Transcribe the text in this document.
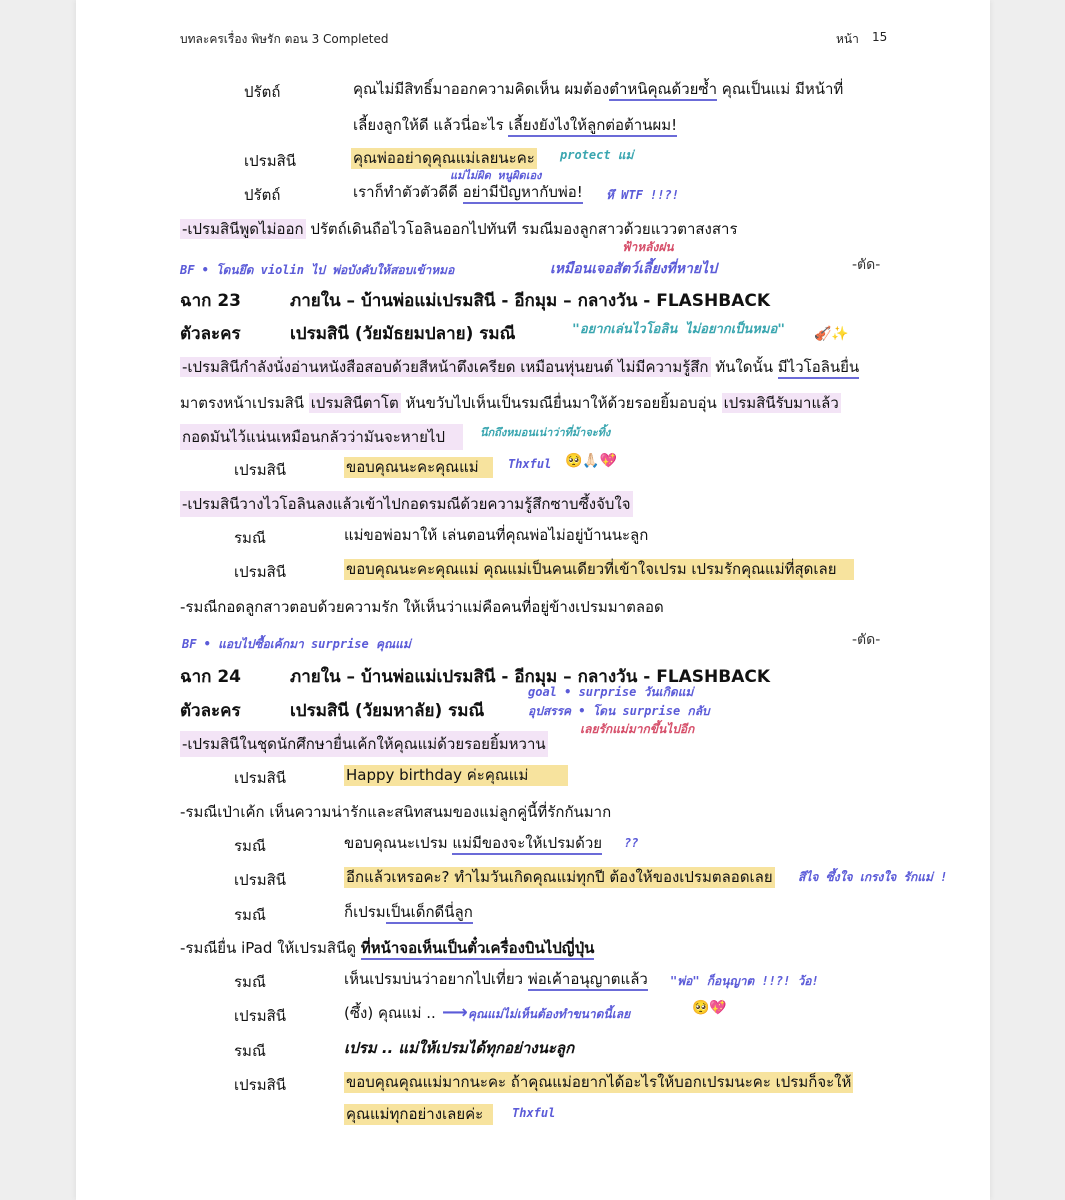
บทละครเรื่อง พิษรัก ตอน 3 Completed	หน้า 15
ปรัตถ์	คุณไม่มีสิทธิ์มาออกความคิดเห็น ผมต้องตำหนิคุณด้วยซ้ำ คุณเป็นแม่ มีหน้าที่
เลี้ยงลูกให้ดี แล้วนี่อะไร เลี้ยงยังไงให้ลูกต่อต้านผม!
เปรมสินี	คุณพ่ออย่าดุคุณแม่เลยนะคะ protect แม่
แม่ไม่ผิด หนูผิดเอง
ปรัตถ์	เราก็ทำตัวตัวดีดี อย่ามีปัญหากับพ่อ! หึ WTF !!?!
-เปรมสินีพูดไม่ออก ปรัตถ์เดินถือไวโอลินออกไปทันที รมณีมองลูกสาวด้วยแววตาสงสาร
ฟ้าหลังฝน
BF • โดนยึด violin ไป พ่อบังคับให้สอบเข้าหมอ	เหมือนเจอสัตว์เลี้ยงที่หายไป	-ตัด-
ฉาก 23	ภายใน – บ้านพ่อแม่เปรมสินี - อีกมุม – กลางวัน - FLASHBACK
ตัวละคร	เปรมสินี (วัยมัธยมปลาย) รมณี	"อยากเล่นไวโอลิน ไม่อยากเป็นหมอ" 🎻✨
-เปรมสินีกำลังนั่งอ่านหนังสือสอบด้วยสีหน้าตึงเครียด เหมือนหุ่นยนต์ ไม่มีความรู้สึก ทันใดนั้น มีไวโอลินยื่น
มาตรงหน้าเปรมสินี เปรมสินีตาโต หันขวับไปเห็นเป็นรมณียื่นมาให้ด้วยรอยยิ้มอบอุ่น เปรมสินีรับมาแล้ว
กอดมันไว้แน่นเหมือนกลัวว่ามันจะหายไป	นึกถึงหมอนเน่าว่าที่ม้าจะทิ้ง
เปรมสินี	ขอบคุณนะคะคุณแม่	Thxful 🥺🙏🏻💖
-เปรมสินีวางไวโอลินลงแล้วเข้าไปกอดรมณีด้วยความรู้สึกซาบซึ้งจับใจ
รมณี	แม่ขอพ่อมาให้ เล่นตอนที่คุณพ่อไม่อยู่บ้านนะลูก
เปรมสินี	ขอบคุณนะคะคุณแม่ คุณแม่เป็นคนเดียวที่เข้าใจเปรม เปรมรักคุณแม่ที่สุดเลย
-รมณีกอดลูกสาวตอบด้วยความรัก ให้เห็นว่าแม่คือคนที่อยู่ข้างเปรมมาตลอด
BF • แอบไปซื้อเค้กมา surprise คุณแม่	-ตัด-
ฉาก 24	ภายใน – บ้านพ่อแม่เปรมสินี - อีกมุม – กลางวัน - FLASHBACK
ตัวละคร	เปรมสินี (วัยมหาลัย) รมณี
goal • surprise วันเกิดแม่
อุปสรรค • โดน surprise กลับ
เลยรักแม่มากขึ้นไปอีก
-เปรมสินีในชุดนักศึกษายื่นเค้กให้คุณแม่ด้วยรอยยิ้มหวาน
เปรมสินี	Happy birthday ค่ะคุณแม่
-รมณีเป่าเค้ก เห็นความน่ารักและสนิทสนมของแม่ลูกคู่นี้ที่รักกันมาก
รมณี	ขอบคุณนะเปรม แม่มีของจะให้เปรมด้วย ??
เปรมสินี	อีกแล้วเหรอคะ? ทำไมวันเกิดคุณแม่ทุกปี ต้องให้ของเปรมตลอดเลย สีไจ ซึ้งใจ เกรงใจ รักแม่ !
รมณี	ก็เปรมเป็นเด็กดีนี่ลูก
-รมณียื่น iPad ให้เปรมสินีดู ที่หน้าจอเห็นเป็นตั๋วเครื่องบินไปญี่ปุ่น
รมณี	เห็นเปรมบ่นว่าอยากไปเที่ยว พ่อเค้าอนุญาตแล้ว "พ่อ" ก็อนุญาต !!?! ว้อ!
เปรมสินี	(ซึ้ง) คุณแม่ .. ⟶ คุณแม่ไม่เห็นต้องทำขนาดนี้เลย	🥺💖
รมณี	เปรม .. แม่ให้เปรมได้ทุกอย่างนะลูก
เปรมสินี	ขอบคุณคุณแม่มากนะคะ ถ้าคุณแม่อยากได้อะไรให้บอกเปรมนะคะ เปรมก็จะให้
คุณแม่ทุกอย่างเลยค่ะ	Thxful
